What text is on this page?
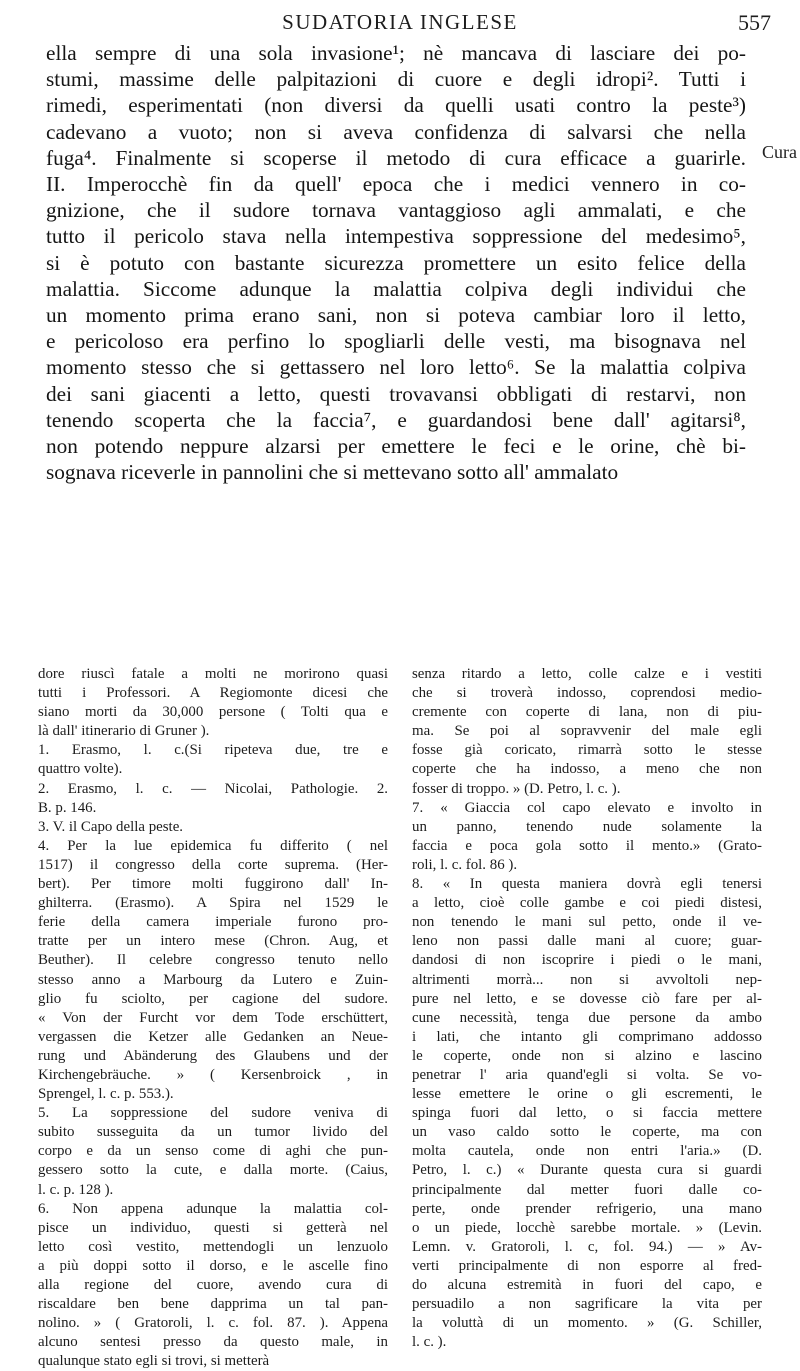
SUDATORIA INGLESE	557
Cura
ella sempre di una sola invasione¹; nè mancava di lasciare dei po-
stumi, massime delle palpitazioni di cuore e degli idropi². Tutti i
rimedi, esperimentati (non diversi da quelli usati contro la peste³)
cadevano a vuoto; non si aveva confidenza di salvarsi che nella
fuga⁴. Finalmente si scoperse il metodo di cura efficace a guarirle.
II. Imperocchè fin da quell' epoca che i medici vennero in co-
gnizione, che il sudore tornava vantaggioso agli ammalati, e che
tutto il pericolo stava nella intempestiva soppressione del medesimo⁵,
si è potuto con bastante sicurezza promettere un esito felice della
malattia. Siccome adunque la malattia colpiva degli individui che
un momento prima erano sani, non si poteva cambiar loro il letto,
e pericoloso era perfino lo spogliarli delle vesti, ma bisognava nel
momento stesso che si gettassero nel loro letto⁶. Se la malattia colpiva
dei sani giacenti a letto, questi trovavansi obbligati di restarvi, non
tenendo scoperta che la faccia⁷, e guardandosi bene dall' agitarsi⁸,
non potendo neppure alzarsi per emettere le feci e le orine, chè bi-
sognava riceverle in pannolini che si mettevano sotto all' ammalato
dore riuscì fatale a molti ne morirono quasi
tutti i Professori. A Regiomonte dicesi che
siano morti da 30,000 persone ( Tolti qua e
là dall' itinerario di Gruner ).
1. Erasmo, l. c.(Si ripeteva due, tre e
quattro volte).
2. Erasmo, l. c. — Nicolai, Pathologie. 2.
B. p. 146.
3. V. il Capo della peste.
4. Per la lue epidemica fu differito ( nel
1517) il congresso della corte suprema. (Her-
bert). Per timore molti fuggirono dall' In-
ghilterra. (Erasmo). A Spira nel 1529 le
ferie della camera imperiale furono pro-
tratte per un intero mese (Chron. Aug, et
Beuther). Il celebre congresso tenuto nello
stesso anno a Marbourg da Lutero e Zuin-
glio fu sciolto, per cagione del sudore.
« Von der Furcht vor dem Tode erschüttert,
vergassen die Ketzer alle Gedanken an Neue-
rung und Abänderung des Glaubens und der
Kirchengebräuche. » ( Kersenbroick , in
Sprengel, l. c. p. 553.).
5. La soppressione del sudore veniva di
subito susseguita da un tumor livido del
corpo e da un senso come di aghi che pun-
gessero sotto la cute, e dalla morte. (Caius,
l. c. p. 128 ).
6. Non appena adunque la malattia col-
pisce un individuo, questi si getterà nel
letto così vestito, mettendogli un lenzuolo
a più doppi sotto il dorso, e le ascelle fino
alla regione del cuore, avendo cura di
riscaldare ben bene dapprima un tal pan-
nolino. » ( Gratoroli, l. c. fol. 87. ). Appena
alcuno sentesi presso da questo male, in
qualunque stato egli si trovi, si metterà
senza ritardo a letto, colle calze e i vestiti
che si troverà indosso, coprendosi medio-
cremente con coperte di lana, non di piu-
ma. Se poi al sopravvenir del male egli
fosse già coricato, rimarrà sotto le stesse
coperte che ha indosso, a meno che non
fosser di troppo. » (D. Petro, l. c. ).
7. « Giaccia col capo elevato e involto in
un panno, tenendo nude solamente la
faccia e poca gola sotto il mento.» (Grato-
roli, l. c. fol. 86 ).
8. « In questa maniera dovrà egli tenersi
a letto, cioè colle gambe e coi piedi distesi,
non tenendo le mani sul petto, onde il ve-
leno non passi dalle mani al cuore; guar-
dandosi di non iscoprire i piedi o le mani,
altrimenti morrà... non si avvoltoli nep-
pure nel letto, e se dovesse ciò fare per al-
cune necessità, tenga due persone da ambo
i lati, che intanto gli comprimano addosso
le coperte, onde non si alzino e lascino
penetrar l' aria quand'egli si volta. Se vo-
lesse emettere le orine o gli escrementi, le
spinga fuori dal letto, o si faccia mettere
un vaso caldo sotto le coperte, ma con
molta cautela, onde non entri l'aria.» (D.
Petro, l. c.) « Durante questa cura si guardi
principalmente dal metter fuori dalle co-
perte, onde prender refrigerio, una mano
o un piede, locchè sarebbe mortale. » (Levin.
Lemn. v. Gratoroli, l. c, fol. 94.) — » Av-
verti principalmente di non esporre al fred-
do alcuna estremità in fuori del capo, e
persuadilo a non sagrificare la vita per
la voluttà di un momento. » (G. Schiller,
l. c. ).
